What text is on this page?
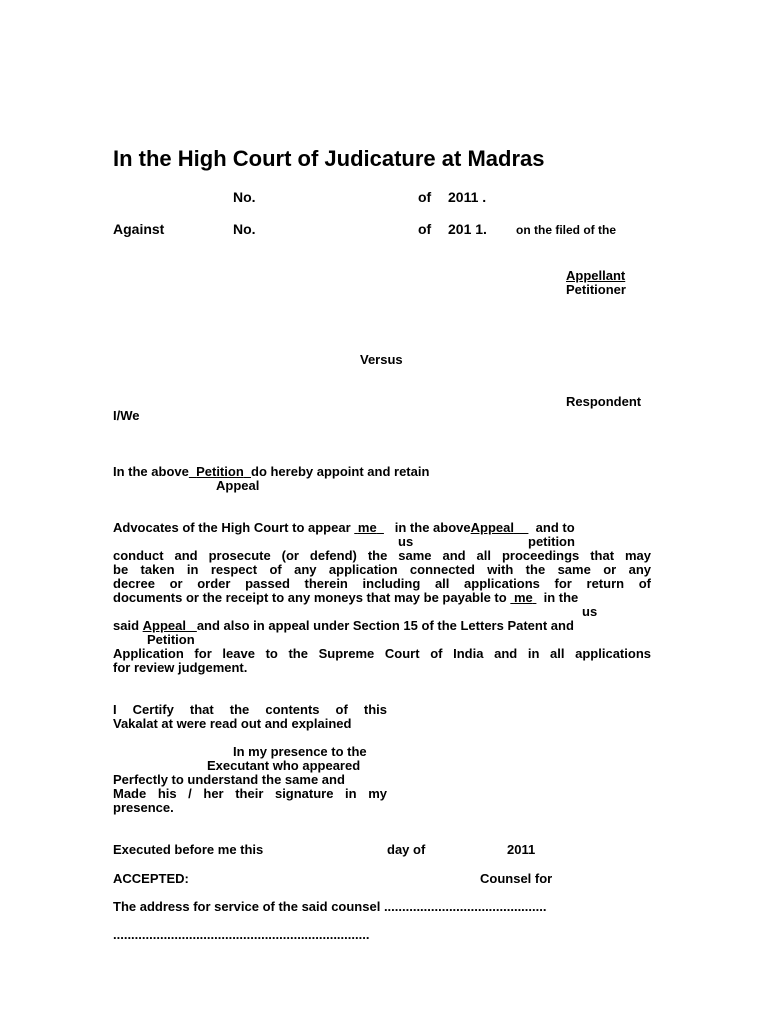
In the High Court of Judicature at Madras
No.	of 2011 .
Against	No.	of 201 1. on the filed of the
Appellant
Petitioner
Versus
Respondent
I/We
In the above Petition do hereby appoint and retain
Appeal
Advocates of the High Court to appear me in the aboveAppeal and to
us	petition
conduct and prosecute (or defend) the same and all proceedings that may
be taken in respect of any application connected with the same or any
decree or order passed therein including all applications for return of
documents or the receipt to any moneys that may be payable to me in the
us
said Appeal and also in appeal under Section 15 of the Letters Patent and
Petition
Application for leave to the Supreme Court of India and in all applications
for review judgement.
I Certify that the contents of this
Vakalat at were read out and explained
In my presence to the
Executant who appeared
Perfectly to understand the same and
Made his / her their signature in my
presence.
Executed before me this	day of	2011
ACCEPTED:	Counsel for
The address for service of the said counsel .............................................
.......................................................................
